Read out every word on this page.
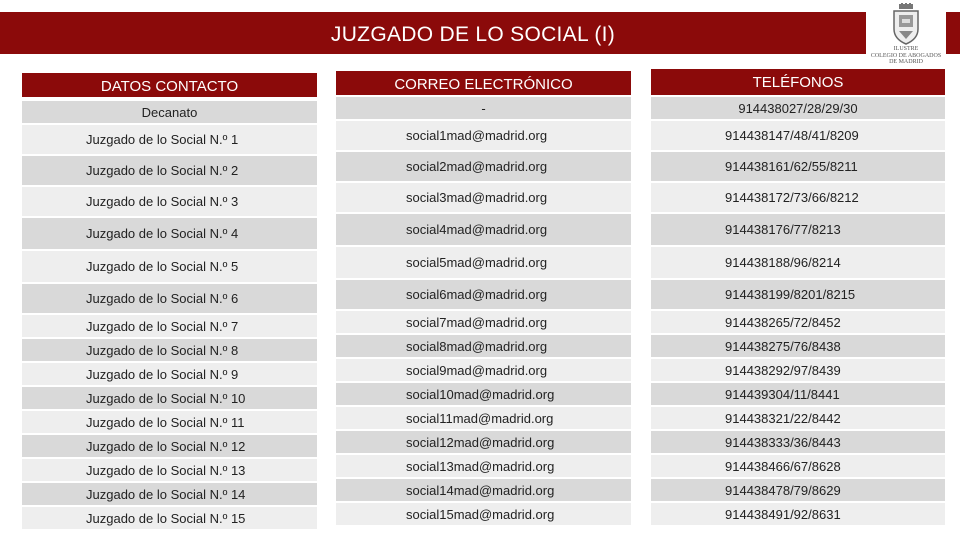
JUZGADO DE LO SOCIAL (I)
ILUSTRE
COLEGIO DE ABOGADOS
DE MADRID
DATOS CONTACTO
Decanato
Juzgado de lo Social N.º 1
Juzgado de lo Social N.º 2
Juzgado de lo Social N.º 3
Juzgado de lo Social N.º 4
Juzgado de lo Social N.º 5
Juzgado de lo Social N.º 6
Juzgado de lo Social N.º 7
Juzgado de lo Social N.º 8
Juzgado de lo Social N.º 9
Juzgado de lo Social N.º 10
Juzgado de lo Social N.º 11
Juzgado de lo Social N.º 12
Juzgado de lo Social N.º 13
Juzgado de lo Social N.º 14
Juzgado de lo Social N.º 15
CORREO ELECTRÓNICO
-
social1mad@madrid.org
social2mad@madrid.org
social3mad@madrid.org
social4mad@madrid.org
social5mad@madrid.org
social6mad@madrid.org
social7mad@madrid.org
social8mad@madrid.org
social9mad@madrid.org
social10mad@madrid.org
social11mad@madrid.org
social12mad@madrid.org
social13mad@madrid.org
social14mad@madrid.org
social15mad@madrid.org
TELÉFONOS
914438027/28/29/30
914438147/48/41/8209
914438161/62/55/8211
914438172/73/66/8212
914438176/77/8213
914438188/96/8214
914438199/8201/8215
914438265/72/8452
914438275/76/8438
914438292/97/8439
914439304/11/8441
914438321/22/8442
914438333/36/8443
914438466/67/8628
914438478/79/8629
914438491/92/8631
